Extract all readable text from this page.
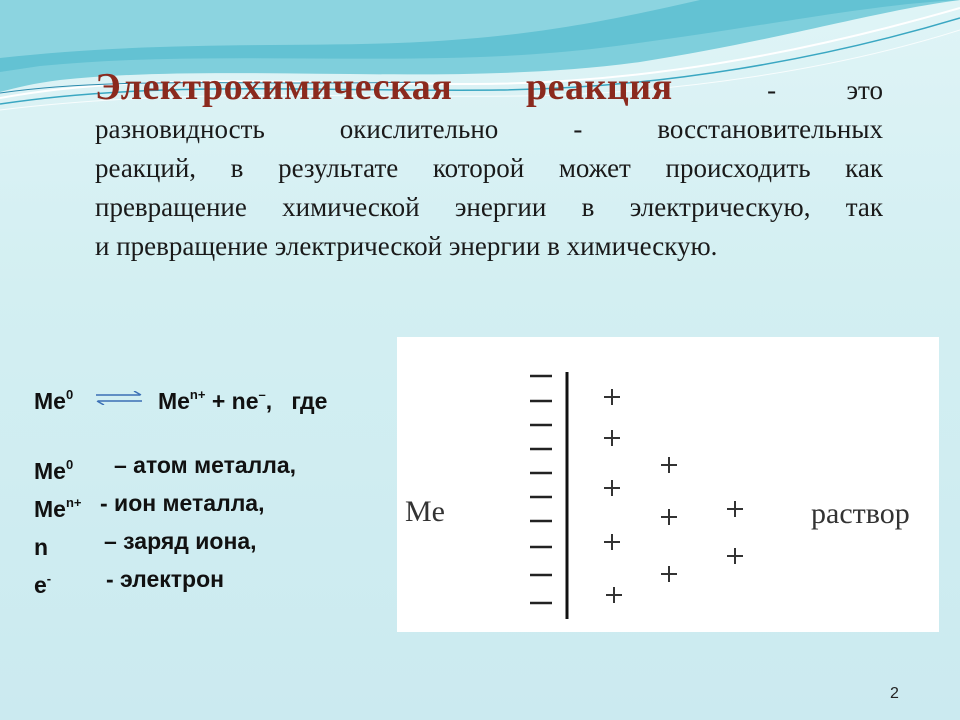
Электрохимическая реакция	-	это
разновидность окислительно - восстановительных
реакций, в результате которой может происходить как
превращение химической энергии в электрическую, так
и превращение электрической энергии в химическую.
Me$^0$ ⇌ $Me^{n+} + ne^-$,   где
Me$^0$ – атом металла,
$Me^{n+}$ - ион металла,
n – заряд иона,
e- - электрон
Me	раствор
2
